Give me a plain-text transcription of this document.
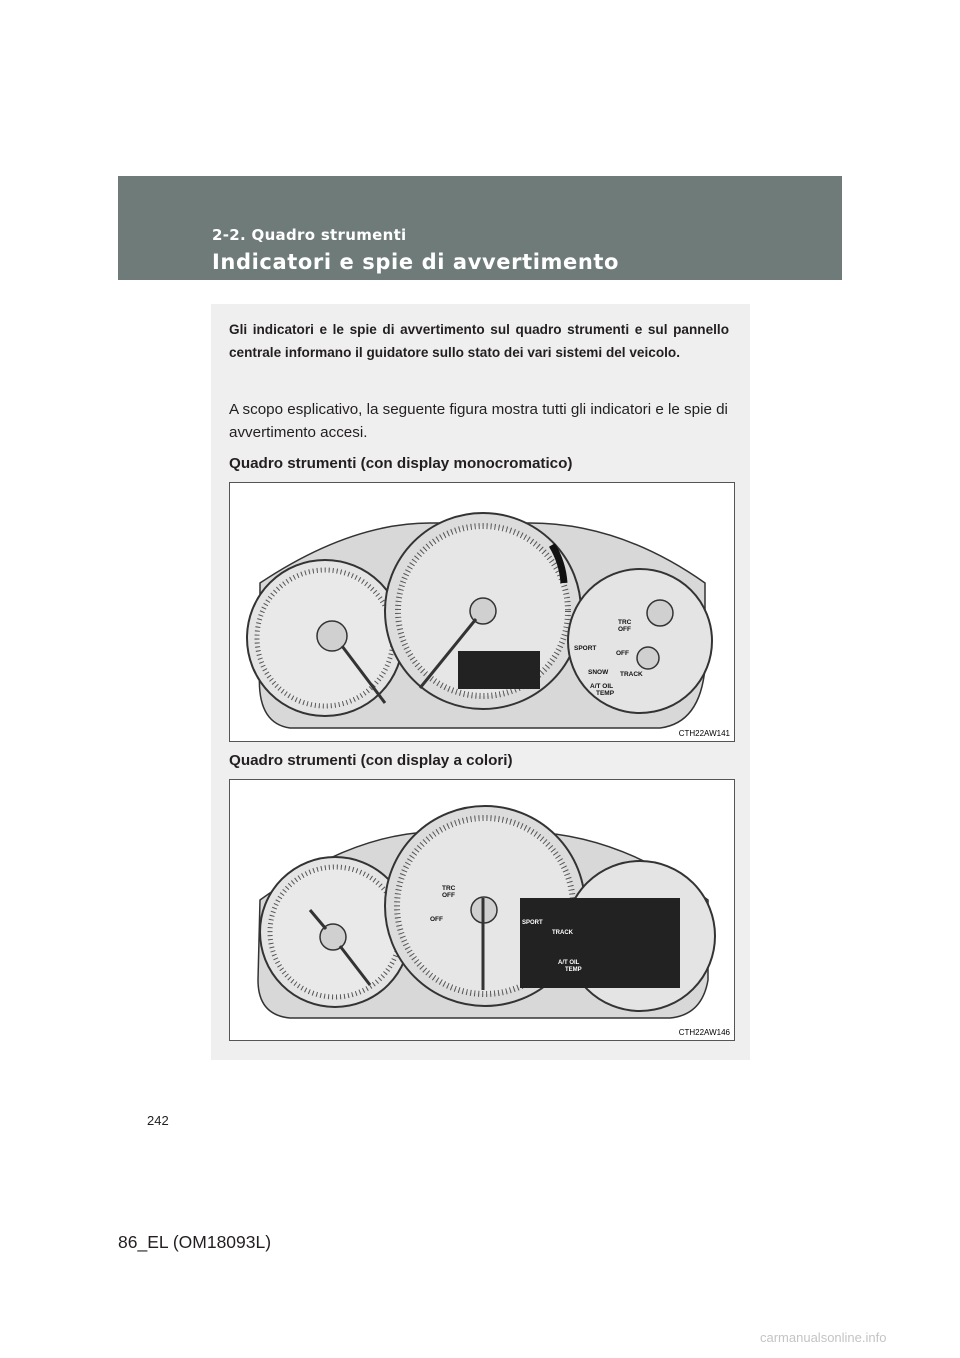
2-2. Quadro strumenti
Indicatori e spie di avvertimento

Gli indicatori e le spie di avvertimento sul quadro strumenti e sul pannello centrale informano il guidatore sullo stato dei vari sistemi del veicolo.

A scopo esplicativo, la seguente figura mostra tutti gli indicatori e le spie di avvertimento accesi.

Quadro strumenti (con display monocromatico)

TRC
OFF
OFF
SPORT
SNOW TRACK
A/T OIL
TEMP
CTH22AW141

Quadro strumenti (con display a colori)

TRC
OFF
OFF	SPORT
TRACK
A/T OIL
TEMP
CTH22AW146
242
86_EL (OM18093L)
carmanualsonline.info
